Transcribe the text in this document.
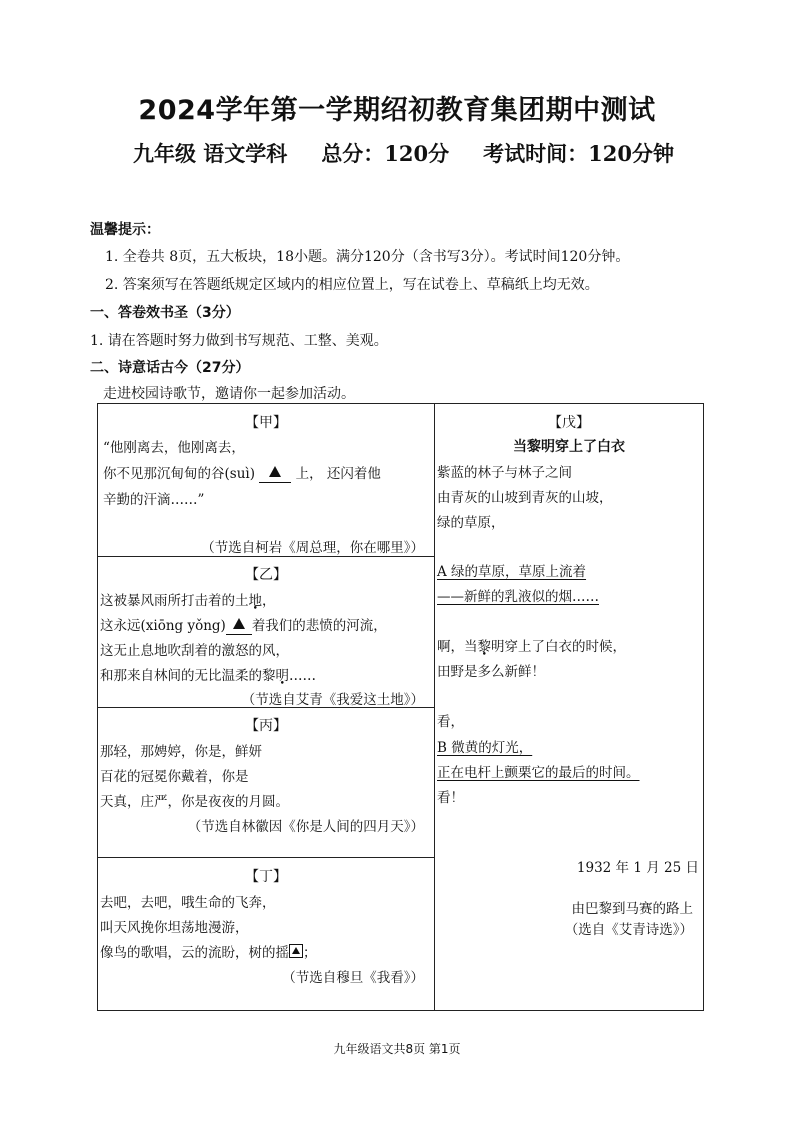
2024学年第一学期绍初教育集团期中测试
九年级 语文学科 总分：120分 考试时间：120分钟
温馨提示：
1. 全卷共 8页，五大板块，18小题。满分120分（含书写3分）。考试时间120分钟。
2. 答案须写在答题纸规定区域内的相应位置上，写在试卷上、草稿纸上均无效。
一、答卷效书圣（3分）
1. 请在答题时努力做到书写规范、工整、美观。
二、诗意话古今（27分）
走进校园诗歌节，邀请你一起参加活动。
【甲】
“他刚离去，他刚离去，
你不见那沉甸甸的谷(suì)	上， 还闪着他
辛勤的汗滴……”
（节选自柯岩《周总理，你在哪里》）
【乙】
这被暴风雨所打击着的土地，
这永远(xiōng yǒng) 着我们的悲愤的河流，
这无止息地吹刮着的激怒的风，
和那来自林间的无比温柔的黎明……
（节选自艾青《我爱这土地》）
【丙】
那轻，那娉婷，你是，鲜妍
百花的冠冕你戴着，你是
天真，庄严，你是夜夜的月圆。
（节选自林徽因《你是人间的四月天》）
【丁】
去吧，去吧，哦生命的飞奔，
叫天风挽你坦荡地漫游，
像鸟的歌唱，云的流盼，树的摇 ；
（节选自穆旦《我看》）
【戊】
当黎明穿上了白衣
紫蓝的林子与林子之间
由青灰的山坡到青灰的山坡，
绿的草原，
A 绿的草原，草原上流着
——新鲜的乳液似的烟……
啊，当黎明穿上了白衣的时候，
田野是多么新鲜！
看，
B 微黄的灯光，
正在电杆上颤栗它的最后的时间。
看！
1932 年 1 月 25 日
由巴黎到马赛的路上
（选自《艾青诗选》）
九年级语文共8页 第1页
